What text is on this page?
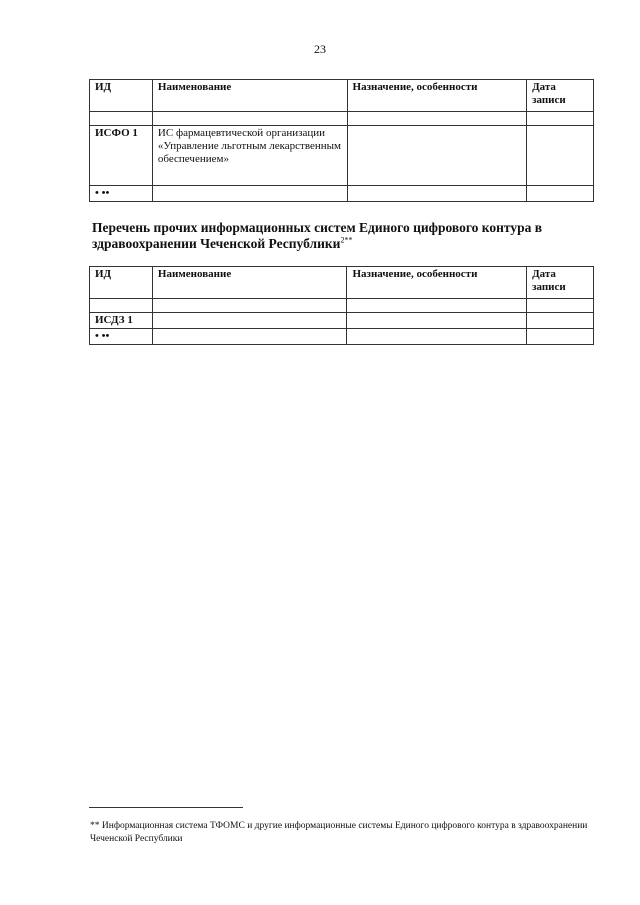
23
ИД	Наименование	Назначение, особенности	Дата записи

ИСФО 1	ИС фармацевтической организации «Управление льготным лекарственным обеспечением»		
• ••			
Перечень прочих информационных систем Единого цифрового контура в здравоохранении Чеченской Республики$^{2**}$
ИД	Наименование	Назначение, особенности	Дата записи

ИСДЗ 1			
• ••			
** Информационная система ТФОМС и другие информационные системы Единого цифрового контура в здравоохранении Чеченской Республики
